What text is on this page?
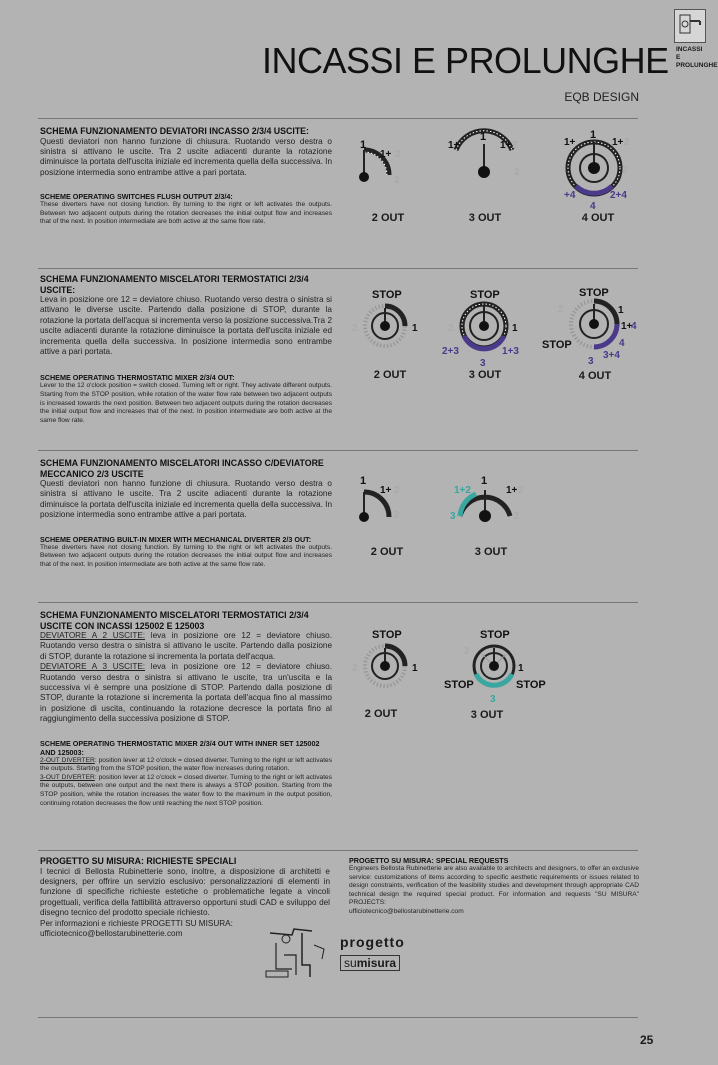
INCASSI E PROLUNGHE
INCASSI E PROLUNGHE
EQB DESIGN
SCHEMA FUNZIONAMENTO DEVIATORI INCASSO 2/3/4 USCITE:
Questi deviatori non hanno funzione di chiusura. Ruotando verso destra o sinistra si attivano le uscite. Tra 2 uscite adiacenti durante la rotazione diminuisce la portata dell'uscita iniziale ed incrementa quella della successiva. In posizione intermedia sono entrambe attive a pari portata.
SCHEME OPERATING SWITCHES FLUSH OUTPUT 2/3/4:
These diverters have not closing function. By turning to the right or left activates the outputs. Between two adjacent outputs during the rotation decreases the initial output flow and increases that of the next. In position intermediate are both active at the same flow rate.
1
1+ 2
2
1
1+	1+ 2
2
1
1+	1+ 2
2
+4	2+4
4
2 OUT	3 OUT	4 OUT
SCHEMA FUNZIONAMENTO MISCELATORI TERMOSTATICI 2/3/4 USCITE:
Leva in posizione ore 12 = deviatore chiuso. Ruotando verso destra o sinistra si attivano le diverse uscite. Partendo dalla posizione di STOP, durante la rotazione la portata dell'acqua si incrementa verso la posizione successiva.Tra 2 uscite adiacenti durante la rotazione diminuisce la portata dell'uscita iniziale ed incrementa quella della successiva. In posizione intermedia sono entrambe attive a pari portata.
SCHEME OPERATING THERMOSTATIC MIXER 2/3/4 OUT:
Lever to the 12 o'clock position = switch closed. Turning left or right. They activate different outputs. Starting from the STOP position, while rotation of the water flow rate between two adjacent outputs is increased towards the next position. Between two adjacent outputs during the rotation decreases the initial output flow and increases that of the next. In position intermediate are both active at the same flow rate.
STOP
1
2
STOP
1
2
2+3	1+3
3
STOP
1
1+
4
4
3+4
3
2
STOP
2 OUT	3 OUT	4 OUT
SCHEMA FUNZIONAMENTO MISCELATORI INCASSO C/DEVIATORE MECCANICO 2/3 USCITE
Questi deviatori non hanno funzione di chiusura. Ruotando verso destra o sinistra si attivano le uscite. Tra 2 uscite adiacenti durante la rotazione diminuisce la portata dell'uscita iniziale ed incrementa quella della successiva. In posizione intermedia sono entrambe attive a pari portata.
SCHEME OPERATING BUILT-IN MIXER WITH MECHANICAL DIVERTER 2/3 OUT:
These diverters have not closing function. By turning to the right or left activates the outputs. Between two adjacent outputs during the rotation decreases the initial output flow and increases that of the next. In position intermediate are both active at the same flow rate.
1
1+ 2
2
1
1+2	1+ 2
3	2
2 OUT	3 OUT
SCHEMA FUNZIONAMENTO MISCELATORI TERMOSTATICI 2/3/4 USCITE CON INCASSI 125002 E 125003
DEVIATORE A 2 USCITE: leva in posizione ore 12 = deviatore chiuso. Ruotando verso destra o sinistra si attivano le uscite. Partendo dalla posizione di STOP, durante la rotazione si incrementa la portata dell'acqua.
DEVIATORE A 3 USCITE: leva in posizione ore 12 = deviatore chiuso. Ruotando verso destra o sinistra si attivano le uscite, tra un'uscita e la successiva vi è sempre una posizione di STOP. Partendo dalla posizione di STOP, durante la rotazione si incrementa la portata dell'acqua fino al massimo in posizione di uscita, continuando la rotazione decresce la portata fino al raggiungimento della successiva posizione di STOP.
SCHEME OPERATING THERMOSTATIC MIXER 2/3/4 OUT WITH INNER SET 125002 AND 125003:
2-OUT DIVERTER: position lever at 12 o'clock = closed diverter. Turning to the right or left activates the outputs. Starting from the STOP position, the water flow increases during rotation.
3-OUT DIVERTER: position lever at 12 o'clock = closed diverter. Turning to the right or left activates the outputs, between one output and the next there is always a STOP position. Starting from the STOP position, while the rotation increases the water flow to the maximum in the output position, continuing rotation decreases the flow until reaching the next STOP position.
STOP
1
2
STOP
1
2
STOP	STOP
3
2 OUT	3 OUT
PROGETTO SU MISURA: RICHIESTE SPECIALI
I tecnici di Bellosta Rubinetterie sono, inoltre, a disposizione di architetti e designers, per offrire un servizio esclusivo: personalizzazioni di elementi in funzione di specifiche richieste estetiche o problematiche legate a vincoli progettuali, verifica della fattibilità attraverso opportuni studi CAD e sviluppo del disegno tecnico del prodotto speciale richiesto.
Per informazioni e richieste PROGETTI SU MISURA:
ufficiotecnico@bellostarubinetterie.com
PROGETTO SU MISURA: SPECIAL REQUESTS
Engineers Bellosta Rubinetterie are also available to architects and designers, to offer an exclusive service: customizations of items according to specific aesthetic requirements or issues related to design constraints, verification of the feasibility studies and development through appropriate CAD technical design the required special product. For information and requests "SU MISURA" PROJECTS:
ufficiotecnico@bellostarubinetterie.com
progetto
sumisura
25
